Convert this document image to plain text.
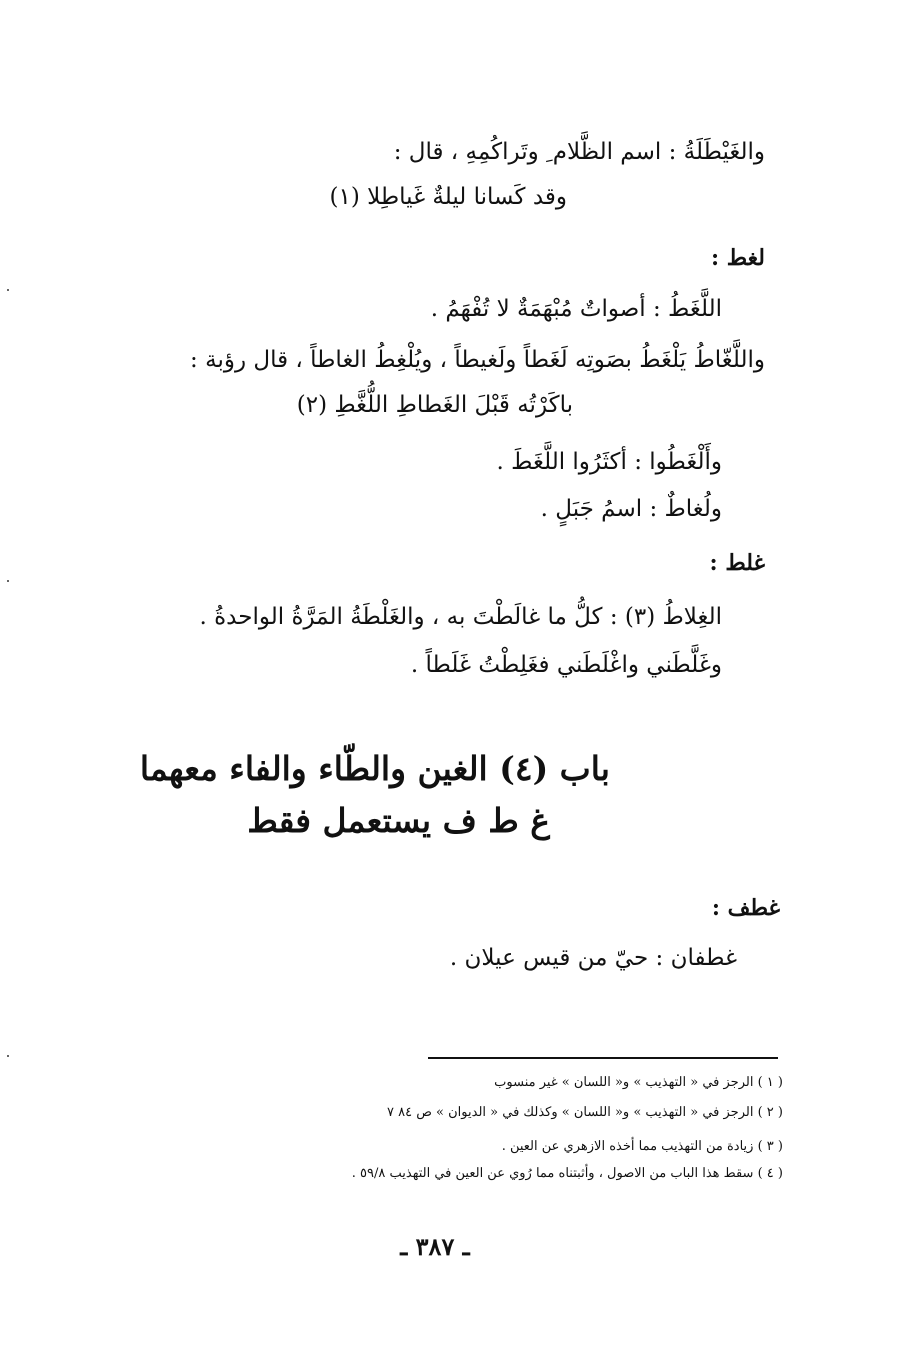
والغَيْطَلَةُ : اسم الظَّلام ِ وتَراكُمِهِ ، قال :
وقد كَسانا ليلةٌ غَياطِلا (١)
لغط :
اللَّغَطُ : أصواتٌ مُبْهَمَةٌ لا تُفْهَمُ .
واللَّغّاطُ يَلْغَطُ بصَوتِه لَغَطاً ولَغيطاً ، ويُلْغِطُ الغاطاً ، قال رؤبة :
باكَرْتُه قَبْلَ الغَطاطِ اللُّغَّطِ (٢)
وأَلْغَطُوا : أكثَرُوا اللَّغَطَ .
ولُغاطٌ : اسمُ جَبَلٍ .
غلط :
الغِلاطُ (٣) : كلُّ ما غالَطْتَ به ، والغَلْطَةُ المَرَّةُ الواحدةُ .
وغَلَّطَني واغْلَطَني فغَلِطْتُ غَلَطاً .
باب (٤) الغين والطّاء والفاء معهما
غ ط ف يستعمل فقط
غطف :
غطفان : حيّ من قيس عيلان .
( ١ ) الرجز في « التهذيب » و« اللسان » غير منسوب
( ٢ ) الرجز في « التهذيب » و« اللسان » وكذلك في « الديوان » ص ٨٤ ٧
( ٣ ) زيادة من التهذيب مما أخذه الازهري عن العين .
( ٤ ) سقط هذا الباب من الاصول ، وأثبتناه مما رُوي عن العين في التهذيب ٥٩/٨ .
ـ ٣٨٧ ـ
